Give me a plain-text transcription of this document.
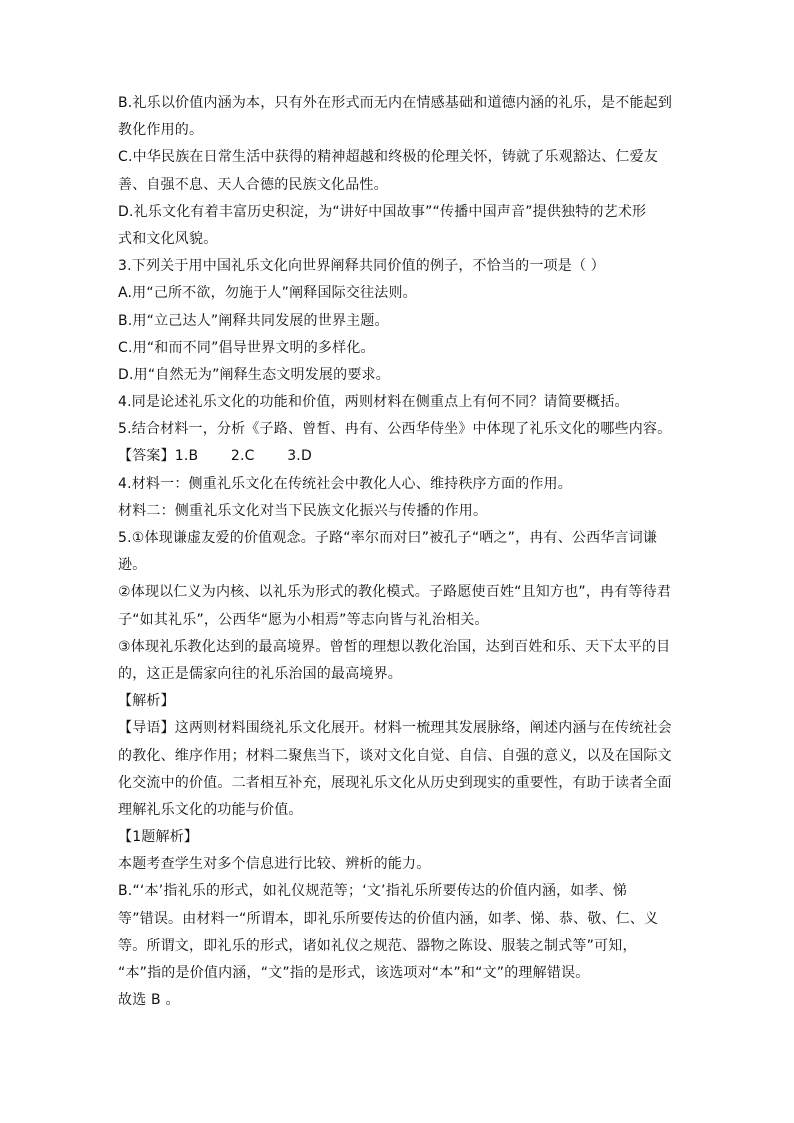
B.礼乐以价值内涵为本，只有外在形式而无内在情感基础和道德内涵的礼乐，是不能起到
教化作用的。
C.中华民族在日常生活中获得的精神超越和终极的伦理关怀，铸就了乐观豁达、仁爱友
善、自强不息、天人合德的民族文化品性。
D.礼乐文化有着丰富历史积淀，为“讲好中国故事”“传播中国声音”提供独特的艺术形
式和文化风貌。
3.下列关于用中国礼乐文化向世界阐释共同价值的例子，不恰当的一项是（ ）
A.用“己所不欲，勿施于人”阐释国际交往法则。
B.用“立己达人”阐释共同发展的世界主题。
C.用“和而不同”倡导世界文明的多样化。
D.用“自然无为”阐释生态文明发展的要求。
4.同是论述礼乐文化的功能和价值，两则材料在侧重点上有何不同？请简要概括。
5.结合材料一，分析《子路、曾皙、冉有、公西华侍坐》中体现了礼乐文化的哪些内容。
【答案】1.B       2.C       3.D
4.材料一：侧重礼乐文化在传统社会中教化人心、维持秩序方面的作用。
材料二：侧重礼乐文化对当下民族文化振兴与传播的作用。
5.①体现谦虚友爱的价值观念。子路“率尔而对曰”被孔子“哂之”，冉有、公西华言词谦
逊。
②体现以仁义为内核、以礼乐为形式的教化模式。子路愿使百姓“且知方也”，冉有等待君
子“如其礼乐”，公西华“愿为小相焉”等志向皆与礼治相关。
③体现礼乐教化达到的最高境界。曾皙的理想以教化治国，达到百姓和乐、天下太平的目
的，这正是儒家向往的礼乐治国的最高境界。
【解析】
【导语】这两则材料围绕礼乐文化展开。材料一梳理其发展脉络，阐述内涵与在传统社会
的教化、维序作用；材料二聚焦当下，谈对文化自觉、自信、自强的意义，以及在国际文
化交流中的价值。二者相互补充，展现礼乐文化从历史到现实的重要性，有助于读者全面
理解礼乐文化的功能与价值。
【1题解析】
本题考查学生对多个信息进行比较、辨析的能力。
B.“‘本’指礼乐的形式，如礼仪规范等；‘文’指礼乐所要传达的价值内涵，如孝、悌
等”错误。由材料一“所谓本，即礼乐所要传达的价值内涵，如孝、悌、恭、敬、仁、义
等。所谓文，即礼乐的形式，诸如礼仪之规范、器物之陈设、服装之制式等”可知，
“本”指的是价值内涵，“文”指的是形式，该选项对“本”和“文”的理解错误。
故选 B 。
